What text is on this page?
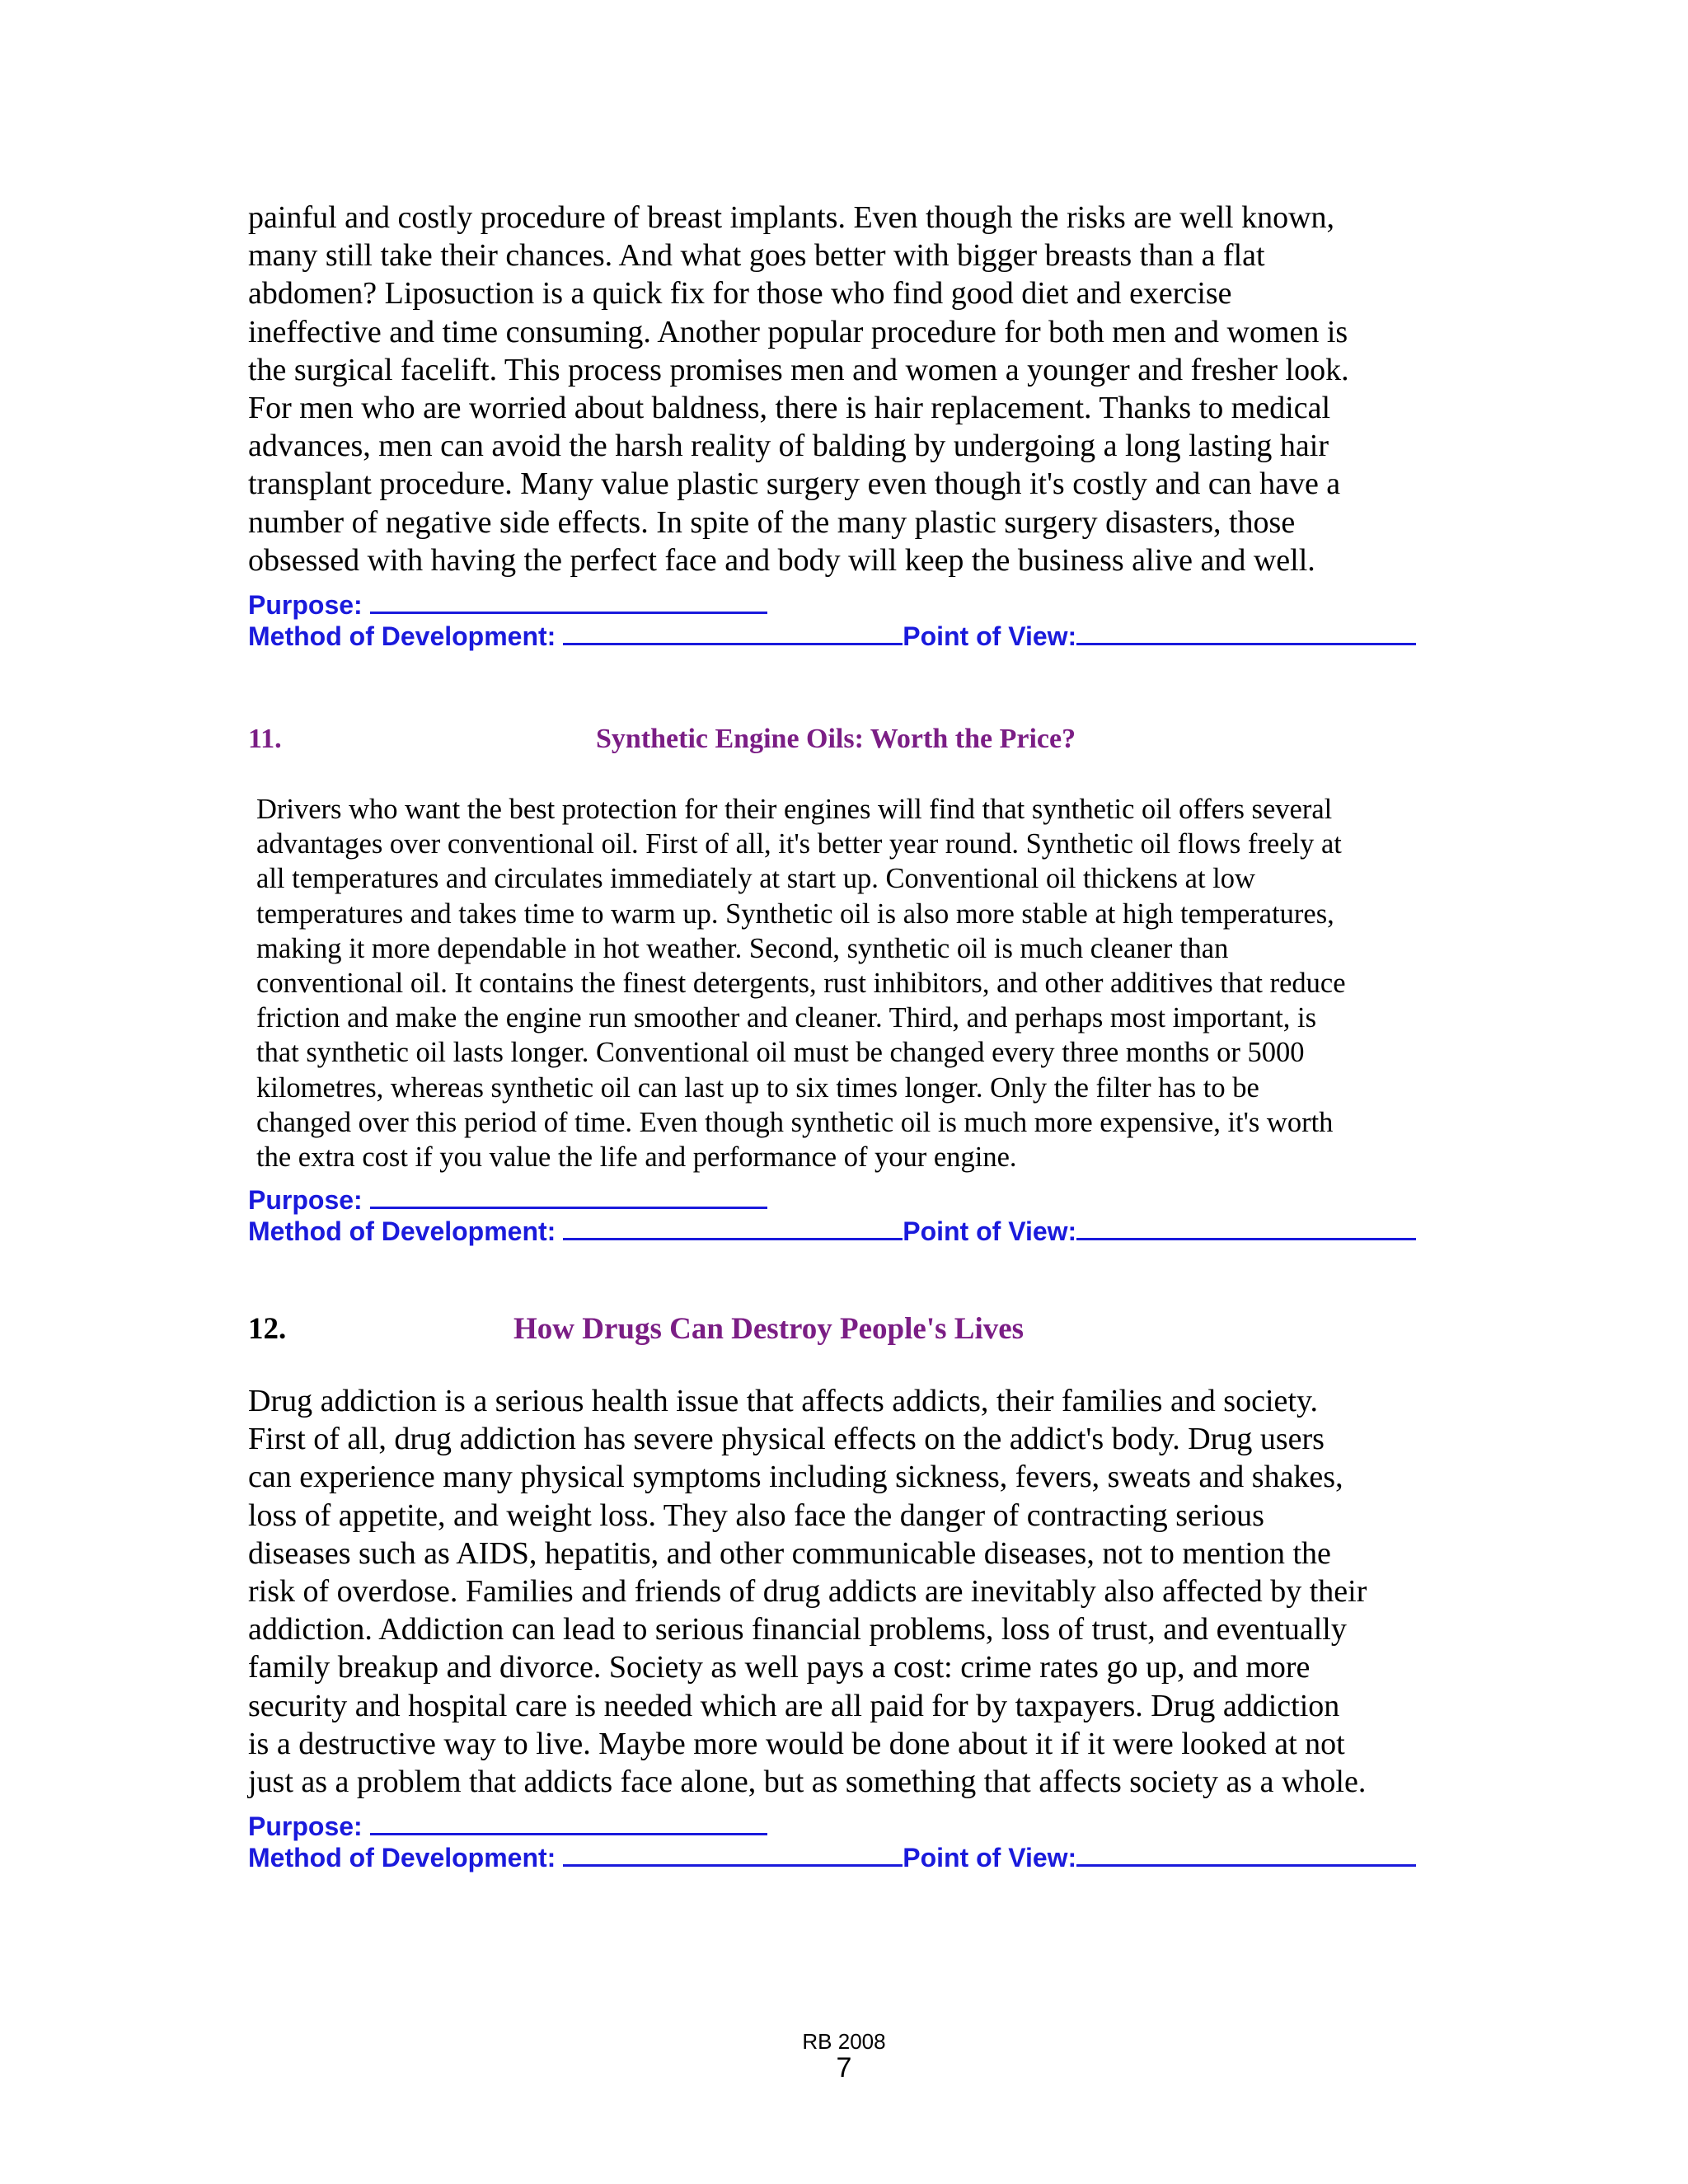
painful and costly procedure of breast implants. Even though the risks are well known,
many still take their chances. And what goes better with bigger breasts than a flat
abdomen? Liposuction is a quick fix for those who find good diet and exercise
ineffective and time consuming. Another popular procedure for both men and women is
the surgical facelift. This process promises men and women a younger and fresher look.
For men who are worried about baldness, there is hair replacement. Thanks to medical
advances, men can avoid the harsh reality of balding by undergoing a long lasting hair
transplant procedure. Many value plastic surgery even though it's costly and can have a
number of negative side effects. In spite of the many plastic surgery disasters, those
obsessed with having the perfect face and body will keep the business alive and well.

Purpose:
Method of Development:	Point of View:
11.	Synthetic Engine Oils: Worth the Price?

Drivers who want the best protection for their engines will find that synthetic oil offers several
advantages over conventional oil. First of all, it's better year round. Synthetic oil flows freely at
all temperatures and circulates immediately at start up. Conventional oil thickens at low
temperatures and takes time to warm up. Synthetic oil is also more stable at high temperatures,
making it more dependable in hot weather. Second, synthetic oil is much cleaner than
conventional oil. It contains the finest detergents, rust inhibitors, and other additives that reduce
friction and make the engine run smoother and cleaner. Third, and perhaps most important, is
that synthetic oil lasts longer. Conventional oil must be changed every three months or 5000
kilometres, whereas synthetic oil can last up to six times longer. Only the filter has to be
changed over this period of time. Even though synthetic oil is much more expensive, it's worth
the extra cost if you value the life and performance of your engine.

Purpose:
Method of Development:	Point of View:
12.	How Drugs Can Destroy People's Lives

Drug addiction is a serious health issue that affects addicts, their families and society.
First of all, drug addiction has severe physical effects on the addict's body. Drug users
can experience many physical symptoms including sickness, fevers, sweats and shakes,
loss of appetite, and weight loss. They also face the danger of contracting serious
diseases such as AIDS, hepatitis, and other communicable diseases, not to mention the
risk of overdose. Families and friends of drug addicts are inevitably also affected by their
addiction. Addiction can lead to serious financial problems, loss of trust, and eventually
family breakup and divorce. Society as well pays a cost: crime rates go up, and more
security and hospital care is needed which are all paid for by taxpayers. Drug addiction
is a destructive way to live. Maybe more would be done about it if it were looked at not
just as a problem that addicts face alone, but as something that affects society as a whole.

Purpose:
Method of Development:	Point of View:
RB 2008
7
